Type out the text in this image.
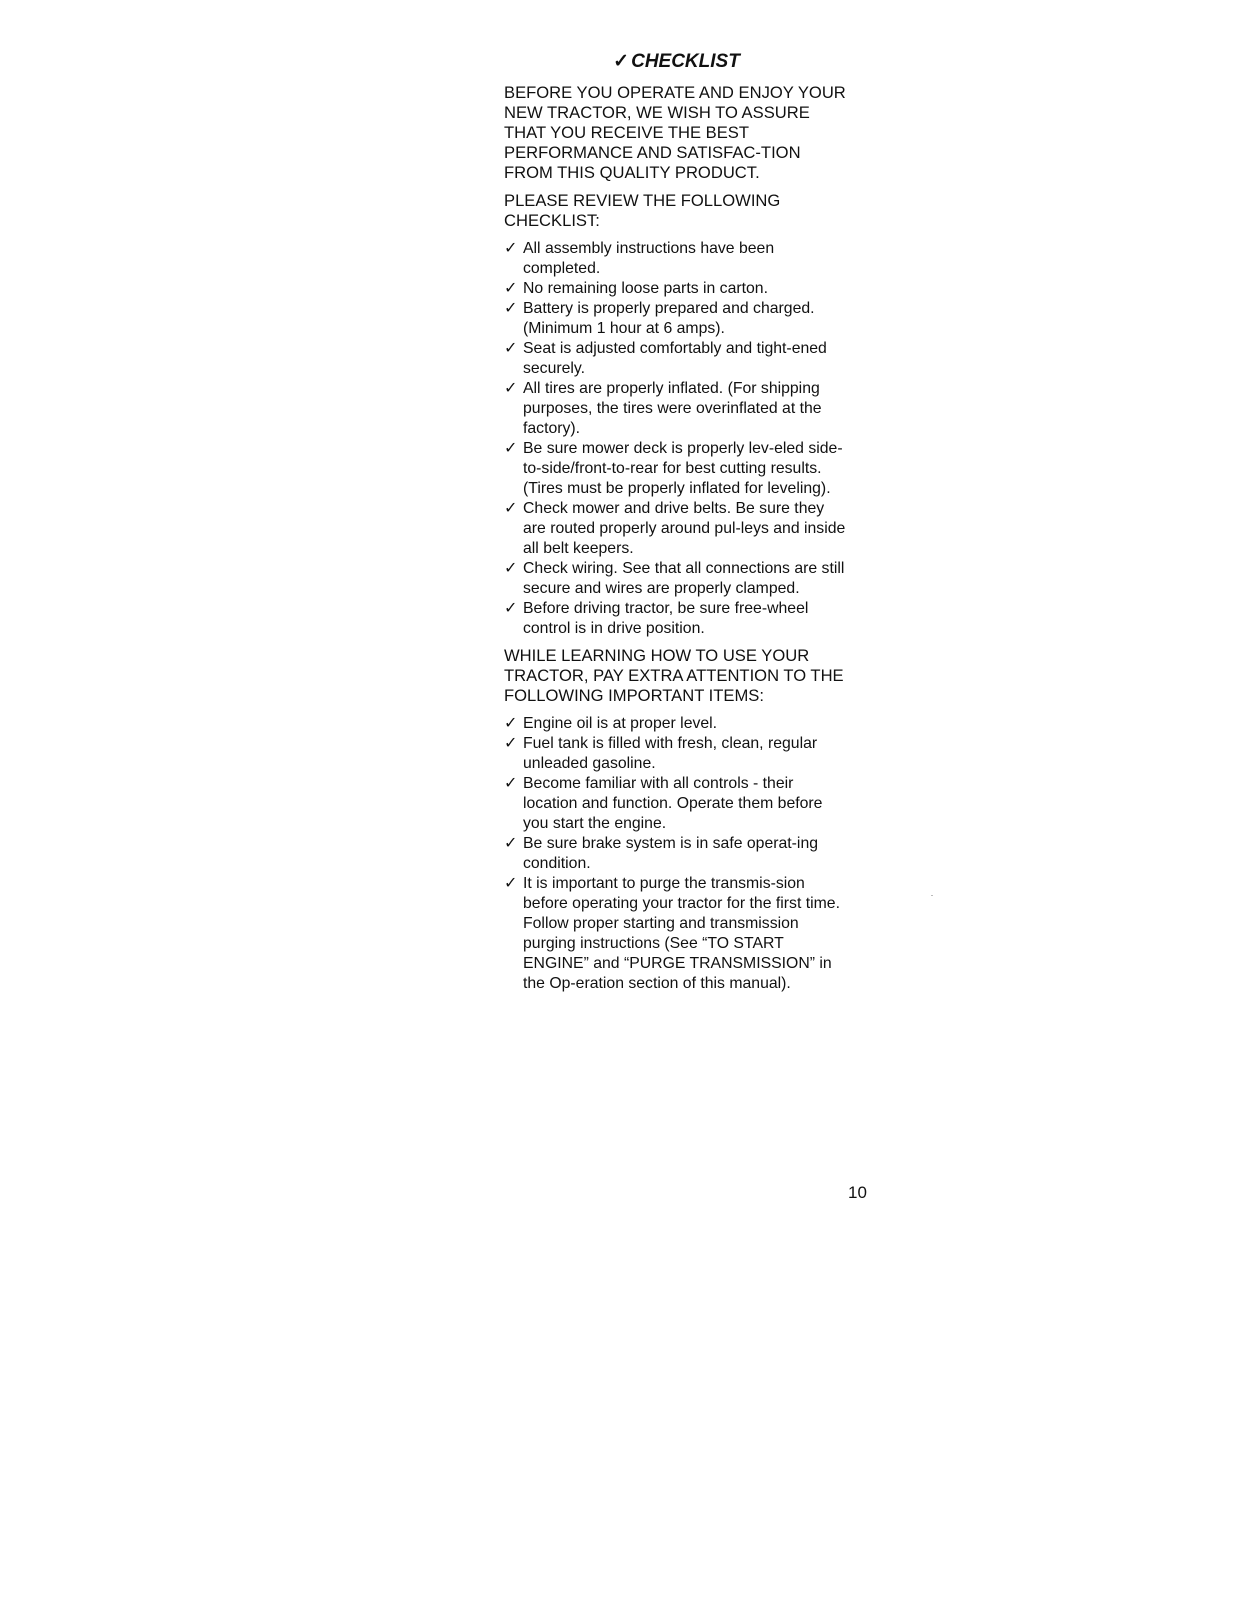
✓ CHECKLIST

BEFORE YOU OPERATE AND ENJOY YOUR NEW TRACTOR, WE WISH TO ASSURE THAT YOU RECEIVE THE BEST PERFORMANCE AND SATISFAC-TION FROM THIS QUALITY PRODUCT.

PLEASE REVIEW THE FOLLOWING CHECKLIST:

✓ All assembly instructions have been completed.
✓ No remaining loose parts in carton.
✓ Battery is properly prepared and charged. (Minimum 1 hour at 6 amps).
✓ Seat is adjusted comfortably and tight-ened securely.
✓ All tires are properly inflated. (For shipping purposes, the tires were overinflated at the factory).
✓ Be sure mower deck is properly lev-eled side-to-side/front-to-rear for best cutting results. (Tires must be properly inflated for leveling).
✓ Check mower and drive belts. Be sure they are routed properly around pul-leys and inside all belt keepers.
✓ Check wiring. See that all connections are still secure and wires are properly clamped.
✓ Before driving tractor, be sure free-wheel control is in drive position.

WHILE LEARNING HOW TO USE YOUR TRACTOR, PAY EXTRA ATTENTION TO THE FOLLOWING IMPORTANT ITEMS:

✓ Engine oil is at proper level.
✓ Fuel tank is filled with fresh, clean, regular unleaded gasoline.
✓ Become familiar with all controls - their location and function. Operate them before you start the engine.
✓ Be sure brake system is in safe operat-ing condition.
✓ It is important to purge the transmis-sion before operating your tractor for the first time. Follow proper starting and transmission purging instructions (See “TO START ENGINE” and “PURGE TRANSMISSION” in the Op-eration section of this manual).
10
